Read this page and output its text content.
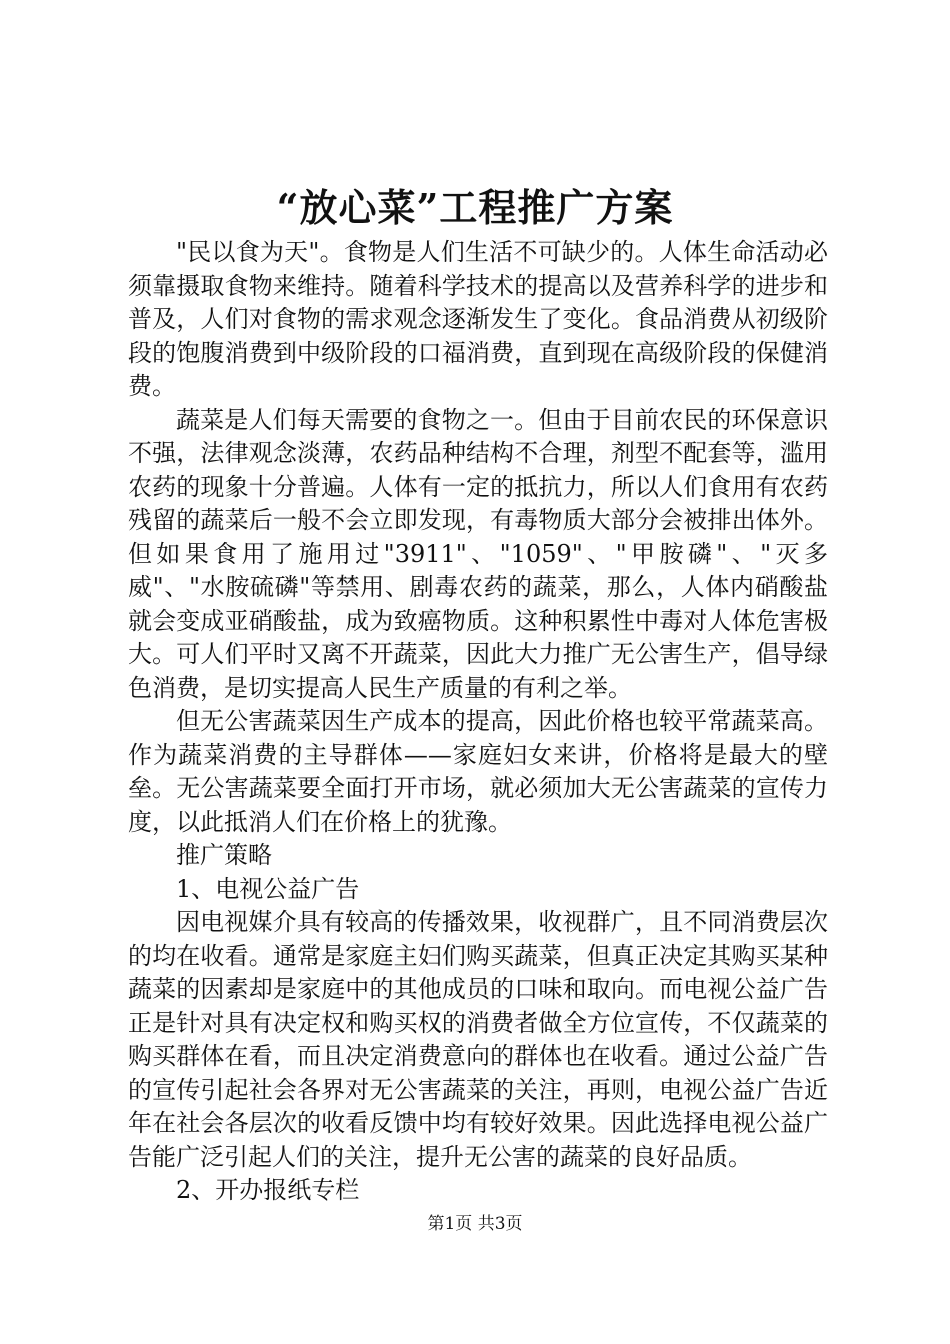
“放心菜”工程推广方案

"民以食为天"。食物是人们生活不可缺少的。人体生命活动必须靠摄取食物来维持。随着科学技术的提高以及营养科学的进步和普及，人们对食物的需求观念逐渐发生了变化。食品消费从初级阶段的饱腹消费到中级阶段的口福消费，直到现在高级阶段的保健消费。

蔬菜是人们每天需要的食物之一。但由于目前农民的环保意识不强，法律观念淡薄，农药品种结构不合理，剂型不配套等，滥用农药的现象十分普遍。人体有一定的抵抗力，所以人们食用有农药残留的蔬菜后一般不会立即发现，有毒物质大部分会被排出体外。但如果食用了施用过"3911"、"1059"、"甲胺磷"、"灭多威"、"水胺硫磷"等禁用、剧毒农药的蔬菜，那么，人体内硝酸盐就会变成亚硝酸盐，成为致癌物质。这种积累性中毒对人体危害极大。可人们平时又离不开蔬菜，因此大力推广无公害生产，倡导绿色消费，是切实提高人民生产质量的有利之举。

但无公害蔬菜因生产成本的提高，因此价格也较平常蔬菜高。作为蔬菜消费的主导群体——家庭妇女来讲，价格将是最大的壁垒。无公害蔬菜要全面打开市场，就必须加大无公害蔬菜的宣传力度，以此抵消人们在价格上的犹豫。

推广策略

1、电视公益广告

因电视媒介具有较高的传播效果，收视群广，且不同消费层次的均在收看。通常是家庭主妇们购买蔬菜，但真正决定其购买某种蔬菜的因素却是家庭中的其他成员的口味和取向。而电视公益广告正是针对具有决定权和购买权的消费者做全方位宣传，不仅蔬菜的购买群体在看，而且决定消费意向的群体也在收看。通过公益广告的宣传引起社会各界对无公害蔬菜的关注，再则，电视公益广告近年在社会各层次的收看反馈中均有较好效果。因此选择电视公益广告能广泛引起人们的关注，提升无公害的蔬菜的良好品质。

2、开办报纸专栏

第1页 共3页
